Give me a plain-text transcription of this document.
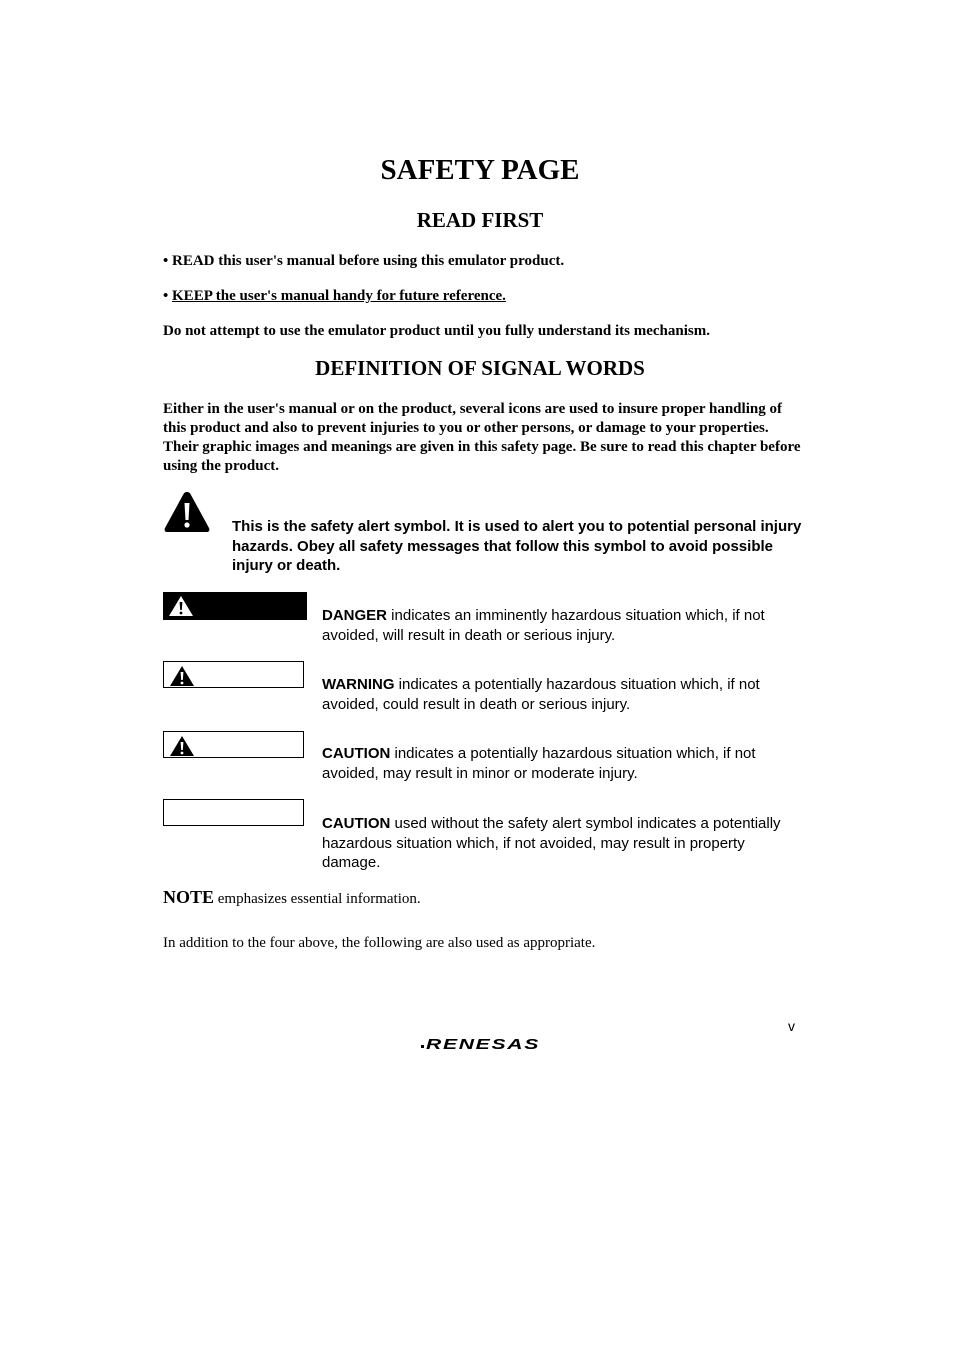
SAFETY PAGE
READ FIRST

• READ this user's manual before using this emulator product.

• KEEP the user's manual handy for future reference.

Do not attempt to use the emulator product until you fully understand its mechanism.

DEFINITION OF SIGNAL WORDS

Either in the user's manual or on the product, several icons are used to insure proper handling of this product and also to prevent injuries to you or other persons, or damage to your properties. Their graphic images and meanings are given in this safety page. Be sure to read this chapter before using the product.

This is the safety alert symbol. It is used to alert you to potential personal injury hazards. Obey all safety messages that follow this symbol to avoid possible injury or death.

DANGER indicates an imminently hazardous situation which, if not avoided, will result in death or serious injury.

WARNING indicates a potentially hazardous situation which, if not avoided, could result in death or serious injury.

CAUTION indicates a potentially hazardous situation which, if not avoided, may result in minor or moderate injury.

CAUTION used without the safety alert symbol indicates a potentially hazardous situation which, if not avoided, may result in property damage.

NOTE emphasizes essential information.

In addition to the four above, the following are also used as appropriate.

v

RENESAS
